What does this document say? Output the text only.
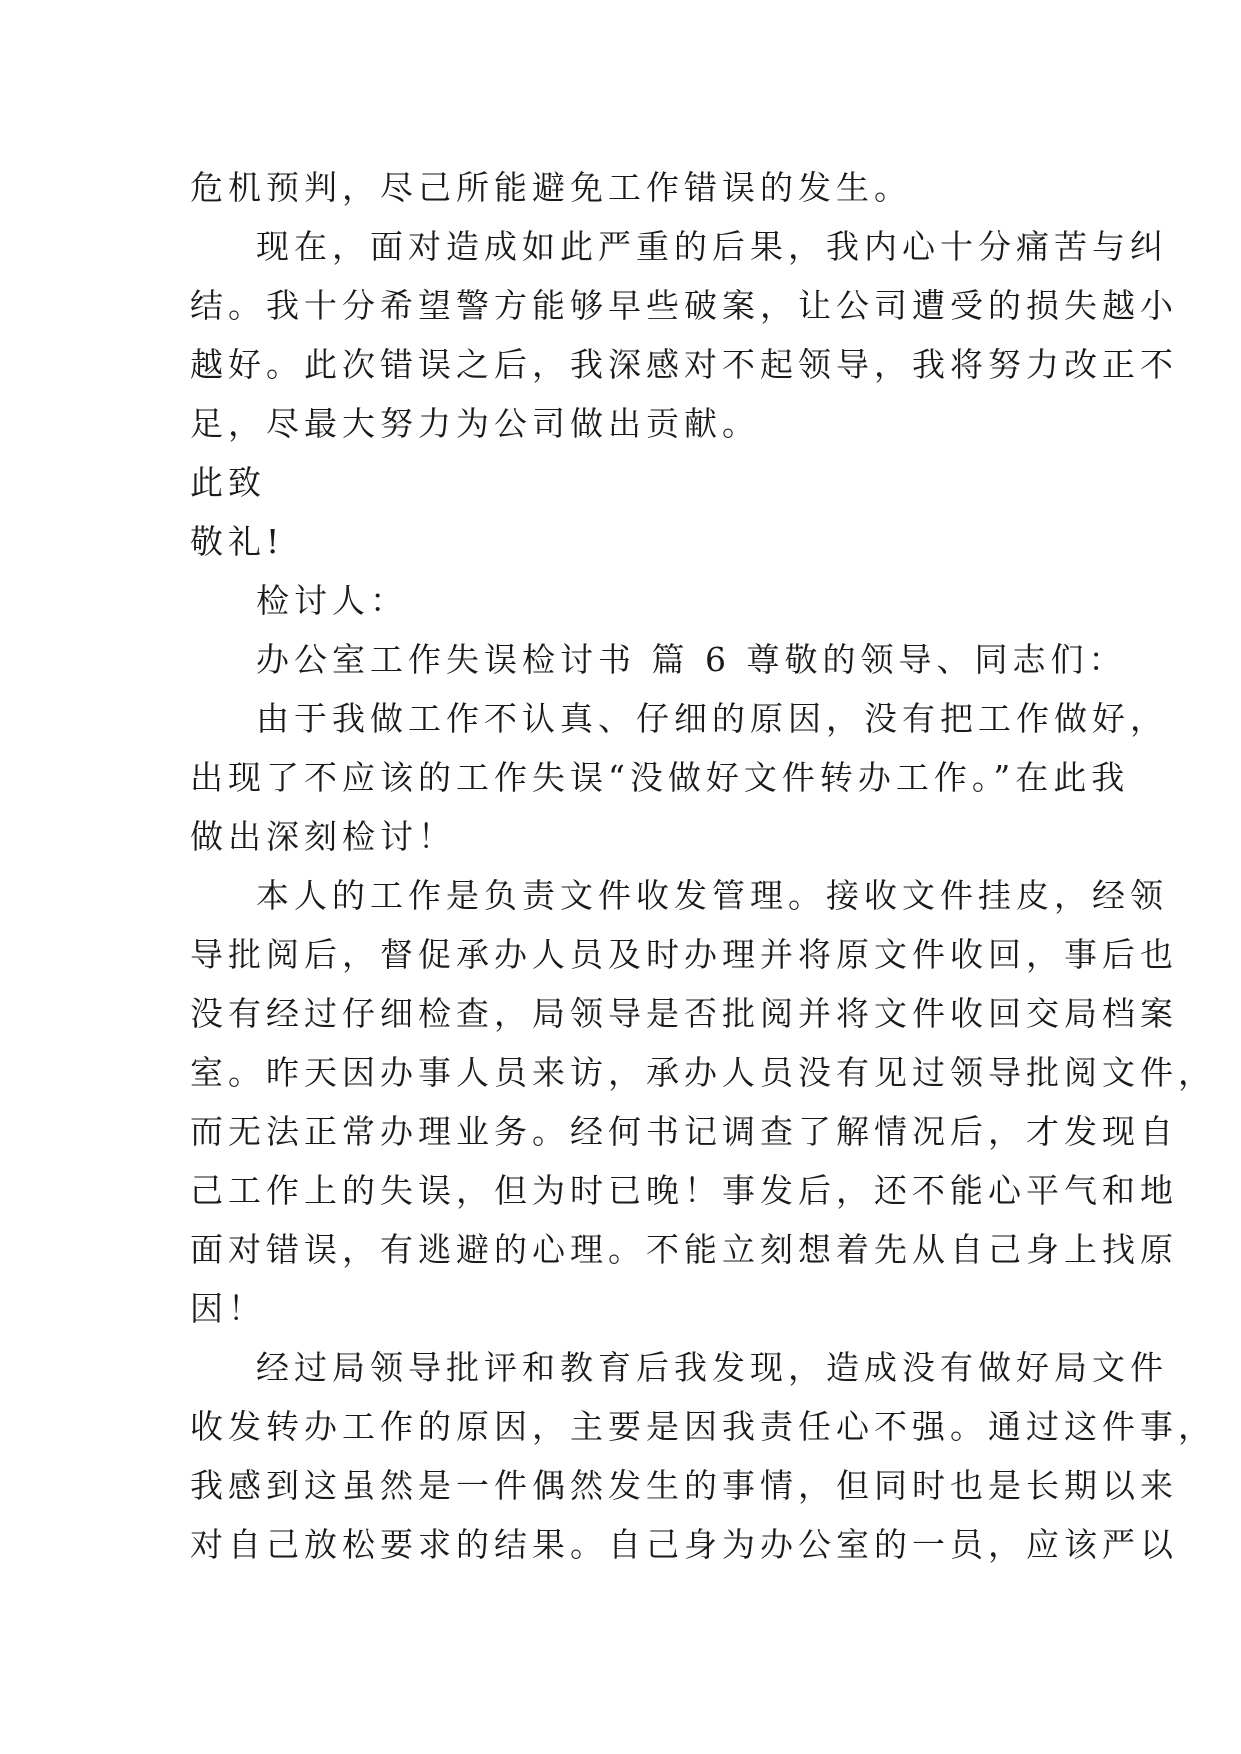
危机预判，尽己所能避免工作错误的发生。
现在，面对造成如此严重的后果，我内心十分痛苦与纠
结。我十分希望警方能够早些破案，让公司遭受的损失越小
越好。此次错误之后，我深感对不起领导，我将努力改正不
足，尽最大努力为公司做出贡献。
此致
敬礼!
检讨人：
办公室工作失误检讨书 篇 6 尊敬的领导、同志们：
由于我做工作不认真、仔细的原因，没有把工作做好，
出现了不应该的工作失误“没做好文件转办工作。”在此我
做出深刻检讨！
本人的工作是负责文件收发管理。接收文件挂皮，经领
导批阅后，督促承办人员及时办理并将原文件收回，事后也
没有经过仔细检查，局领导是否批阅并将文件收回交局档案
室。昨天因办事人员来访，承办人员没有见过领导批阅文件，
而无法正常办理业务。经何书记调查了解情况后，才发现自
己工作上的失误，但为时已晚！事发后，还不能心平气和地
面对错误，有逃避的心理。不能立刻想着先从自己身上找原
因！
经过局领导批评和教育后我发现，造成没有做好局文件
收发转办工作的原因，主要是因我责任心不强。通过这件事，
我感到这虽然是一件偶然发生的事情，但同时也是长期以来
对自己放松要求的结果。自己身为办公室的一员，应该严以
